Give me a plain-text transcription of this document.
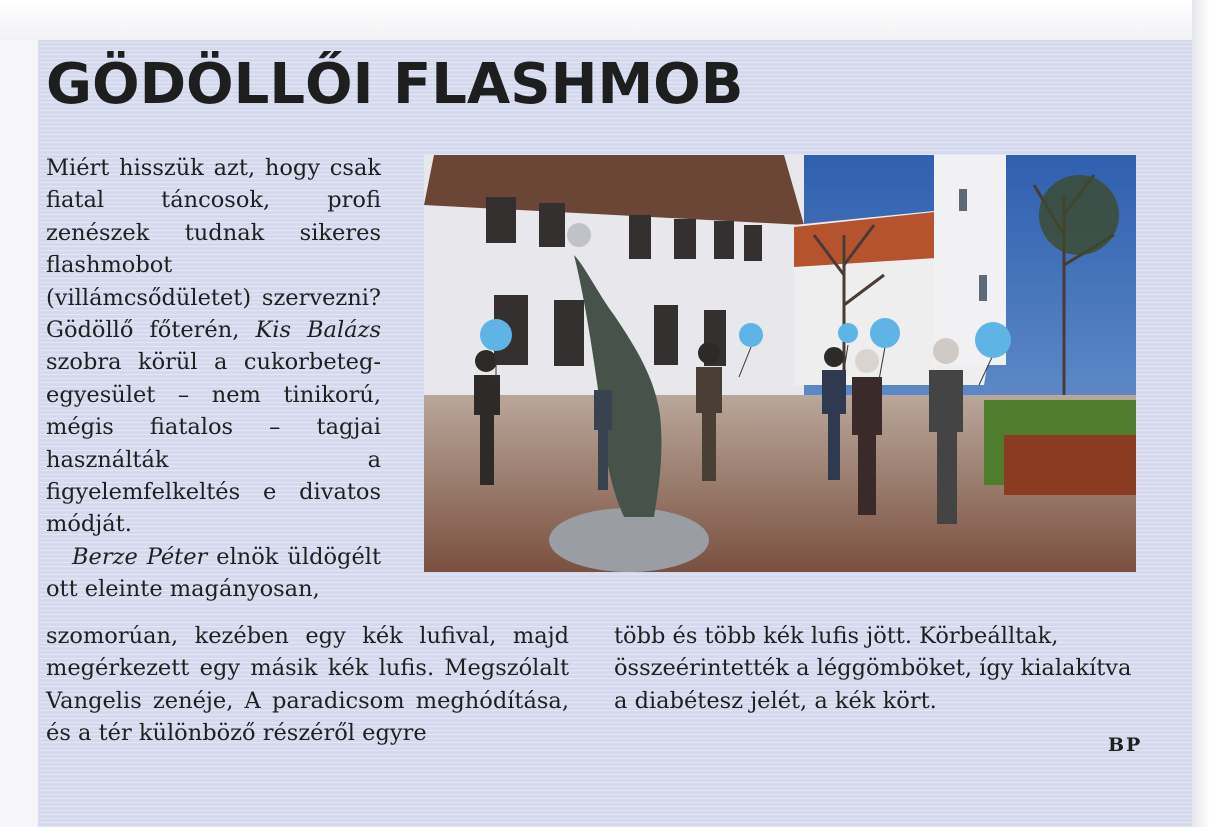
GÖDÖLLŐI FLASHMOB

Miért hisszük azt, hogy csak fiatal táncosok, profi zenészek tudnak sikeres flashmobot (villámcsődületet) szervezni? Gödöllő főterén, Kis Balázs szobra körül a cukorbeteg-egyesület – nem tinikorú, mégis fiatalos – tagjai használták a figyelemfelkeltés e divatos módját.

Berze Péter elnök üldögélt ott eleinte magányosan,

szomorúan, kezében egy kék lufival, majd megérkezett egy másik kék lufis. Megszólalt Vangelis zenéje, A paradicsom meghódítása, és a tér különböző részéről egyre

több és több kék lufis jött. Körbeálltak, összeérintették a léggömböket, így kialakítva a diabétesz jelét, a kék kört.

BP
